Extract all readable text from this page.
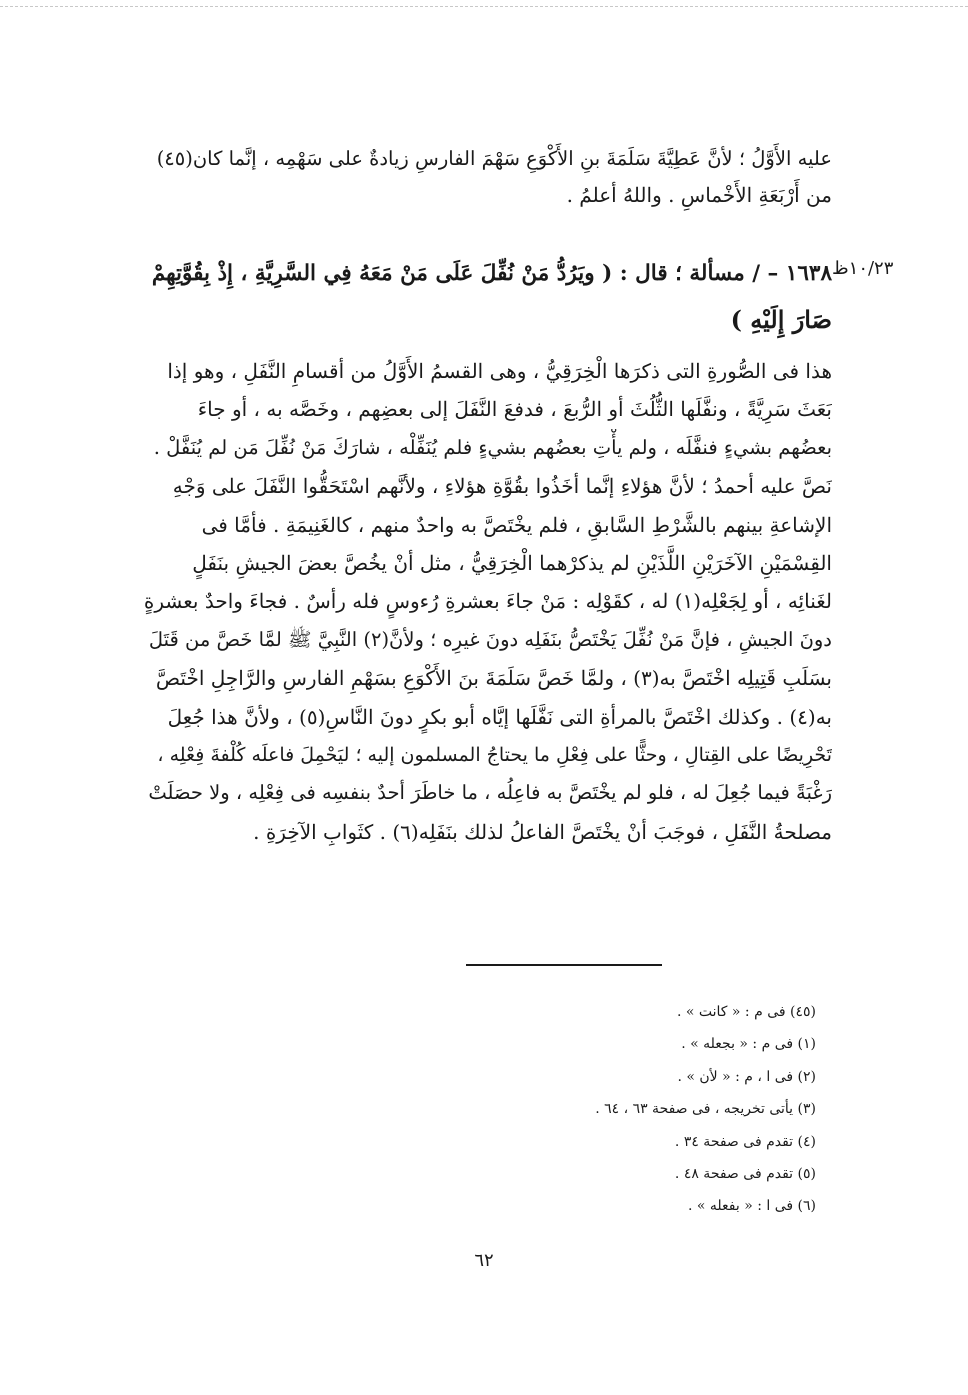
عليه الأَوَّلُ ؛ لأنَّ عَطِيَّةَ سَلَمَةَ بنِ الأَكْوَعِ سَهْمَ الفارسِ زيادةٌ على سَهْمِه ، إنَّما كان(٤٥)
من أَرْبَعَةِ الأَخْماسِ . واللهُ أعلمُ .
١٠/٢٣ظ
١٦٣٨ – / مسألة ؛ قال : ( ويَرُدُّ مَنْ نُفِّلَ عَلَى مَنْ مَعَهُ فِي السَّرِيَّةِ ، إِذْ بِقُوَّتِهِمْ
صَارَ إِلَيْهِ )
هذا فى الصُّورةِ التى ذكرَها الْخِرَقِيُّ ، وهى القسمُ الأَوَّلُ من أقسامِ النَّفَلِ ، وهو إذا
بَعَثَ سَرِيَّةً ، ونفَّلَها الثُّلُثَ أو الرُّبعَ ، فدفعَ النَّفَلَ إلى بعضِهم ، وخَصَّه به ، أو جاءَ
بعضُهم بشيءٍ فنفَّلَه ، ولم يأْتِ بعضُهم بشيءٍ فلم يُنَفِّلْه ، شارَكَ مَنْ نُفِّلَ مَن لم يُنَفَّلْ .
نَصَّ عليه أحمدُ ؛ لأنَّ هؤلاءِ إنَّما أخَذُوا بقُوَّةِ هؤلاءِ ، ولأنَّهم اسْتَحَقُّوا النَّفَلَ على وَجْهِ
الإشاعةِ بينهم بالشَّرْطِ السَّابقِ ، فلم يخْتَصَّ به واحدٌ منهم ، كالغَنِيمَةِ . فأمَّا فى
القِسْمَيْنِ الآخَرَيْنِ اللَّذَيْنِ لم يذكرْهما الْخِرَقِيُّ ، مثل أنْ يخُصَّ بعضَ الجيشِ بنَفَلٍ
لغَنائِه ، أو لِجَعْلِه(١) له ، كقَوْلِه : مَنْ جاءَ بعشرةِ رُءوسٍ فله رأسٌ . فجاءَ واحدٌ بعشرةٍ
دونَ الجيشِ ، فإنَّ مَنْ نُفِّلَ يَخْتَصُّ بنَفَلِه دونَ غيرِه ؛ ولأنَّ(٢) النَّبِيَّ ﷺ لمَّا خَصَّ من قَتَلَ
بسَلَبِ قَتِيلِه اخْتَصَّ به(٣) ، ولمَّا خَصَّ سَلَمَةَ بنَ الأَكْوَعِ بسَهْمِ الفارسِ والرَّاجِلِ اخْتَصَّ
به(٤) . وكذلك اخْتَصَّ بالمرأةِ التى نَفَّلَها إيَّاه أبو بكرٍ دونَ النَّاسِ(٥) ، ولأنَّ هذا جُعِلَ
تَحْرِيضًا على القِتالِ ، وحثًّا على فِعْلِ ما يحتاجُ المسلمون إليه ؛ ليَحْمِلَ فاعلَه كُلْفةَ فِعْلِه ،
رَغْبَةً فيما جُعِلَ له ، فلو لم يخْتَصَّ به فاعِلُه ، ما خاطَرَ أحدٌ بنفسِه فى فِعْلِه ، ولا حصَلَتْ
مصلحةُ النَّفَلِ ، فوجَبَ أنْ يخْتَصَّ الفاعلُ لذلك بنَفَلِه(٦) . كثَوابِ الآخِرَةِ .
(٤٥) فى م : « كانت » .
(١) فى م : « بجعله » .
(٢) فى ا ، م : « لأن » .
(٣) يأتى تخريجه ، فى صفحة ٦٣ ، ٦٤ .
(٤) تقدم فى صفحة ٣٤ .
(٥) تقدم فى صفحة ٤٨ .
(٦) فى ا : « بفعله » .
٦٢
